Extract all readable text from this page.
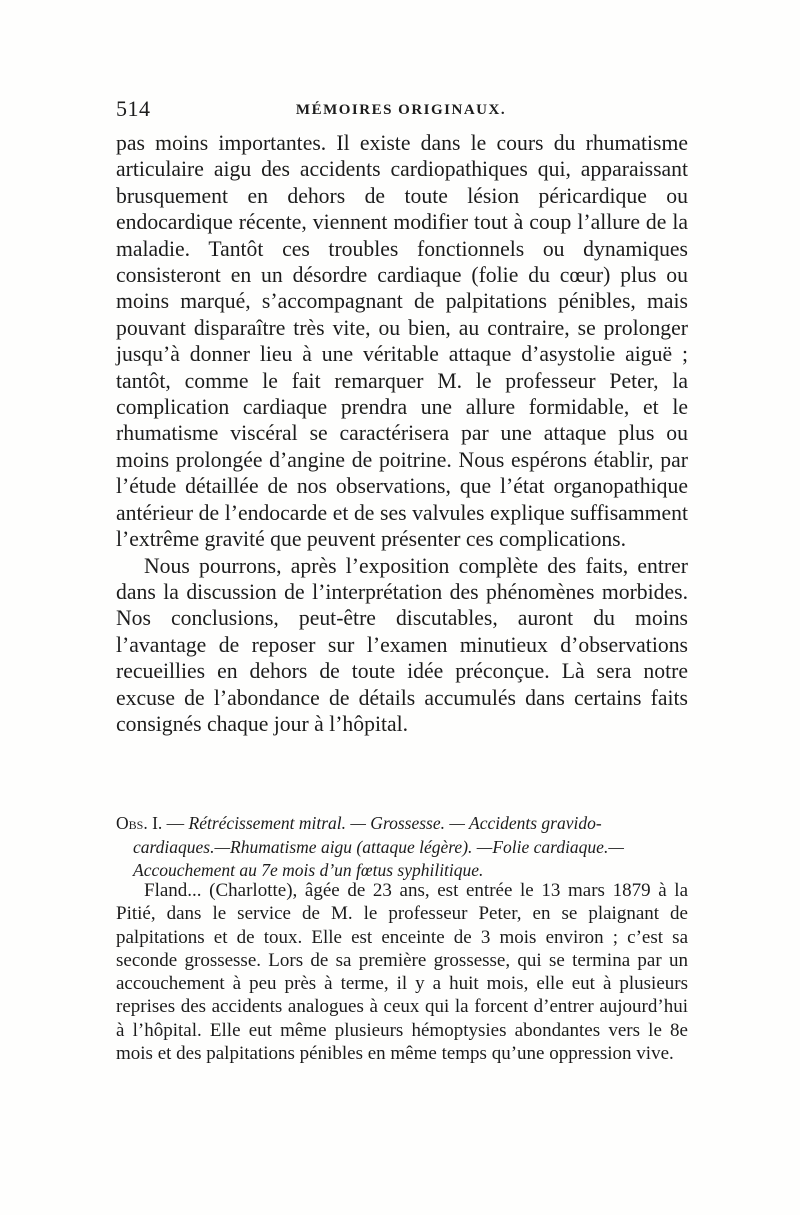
514	MÉMOIRES ORIGINAUX.

pas moins importantes. Il existe dans le cours du rhumatisme articulaire aigu des accidents cardiopathiques qui, apparaissant brusquement en dehors de toute lésion péricardique ou endocardique récente, viennent modifier tout à coup l’allure de la maladie. Tantôt ces troubles fonctionnels ou dynamiques consisteront en un désordre cardiaque (folie du cœur) plus ou moins marqué, s’accompagnant de palpitations pénibles, mais pouvant disparaître très vite, ou bien, au contraire, se prolonger jusqu’à donner lieu à une véritable attaque d’asystolie aiguë ; tantôt, comme le fait remarquer M. le professeur Peter, la complication cardiaque prendra une allure formidable, et le rhumatisme viscéral se caractérisera par une attaque plus ou moins prolongée d’angine de poitrine. Nous espérons établir, par l’étude détaillée de nos observations, que l’état organopathique antérieur de l’endocarde et de ses valvules explique suffisamment l’extrême gravité que peuvent présenter ces complications.

Nous pourrons, après l’exposition complète des faits, entrer dans la discussion de l’interprétation des phénomènes morbides. Nos conclusions, peut-être discutables, auront du moins l’avantage de reposer sur l’examen minutieux d’observations recueillies en dehors de toute idée préconçue. Là sera notre excuse de l’abondance de détails accumulés dans certains faits consignés chaque jour à l’hôpital.

Obs. I. — Rétrécissement mitral. — Grossesse. — Accidents gravido-
cardiaques.—Rhumatisme aigu (attaque légère). —Folie cardiaque.—
Accouchement au 7e mois d’un fœtus syphilitique.

Fland... (Charlotte), âgée de 23 ans, est entrée le 13 mars 1879 à la Pitié, dans le service de M. le professeur Peter, en se plaignant de palpitations et de toux. Elle est enceinte de 3 mois environ ; c’est sa seconde grossesse. Lors de sa première grossesse, qui se termina par un accouchement à peu près à terme, il y a huit mois, elle eut à plusieurs reprises des accidents analogues à ceux qui la forcent d’entrer aujourd’hui à l’hôpital. Elle eut même plusieurs hémoptysies abondantes vers le 8e mois et des palpitations pénibles en même temps qu’une oppression vive.
